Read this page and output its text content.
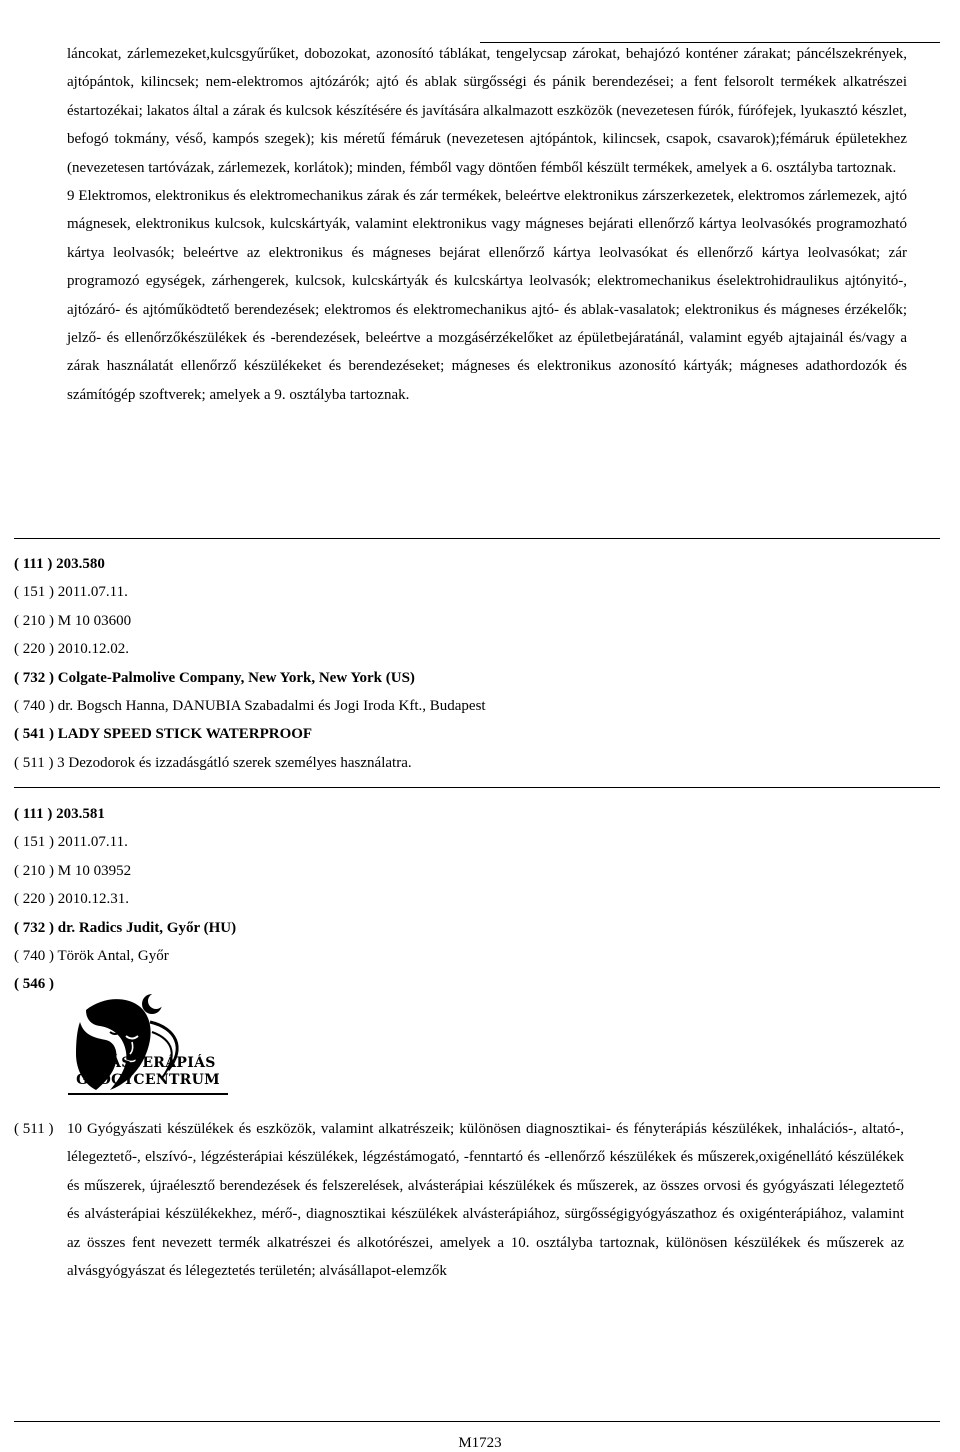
Szabadalmi Közlöny és Védjegyértesítő 116. évfolyam 16. szám, 2011.08.29.
Nemzeti lajstromozott védjegyek

láncokat, zárlemezeket,kulcsgyűrűket, dobozokat, azonosító táblákat, tengelycsap zárokat, behajózó konténer zárakat; páncélszekrények, ajtópántok, kilincsek; nem-elektromos ajtózárók; ajtó és ablak sürgősségi és pánik berendezései; a fent felsorolt termékek alkatrészei éstartozékai; lakatos által a zárak és kulcsok készítésére és javítására alkalmazott eszközök (nevezetesen fúrók, fúrófejek, lyukasztó készlet, befogó tokmány, véső, kampós szegek); kis méretű fémáruk (nevezetesen ajtópántok, kilincsek, csapok, csavarok);fémáruk épületekhez (nevezetesen tartóvázak, zárlemezek, korlátok); minden, fémből vagy döntően fémből készült termékek, amelyek a 6. osztályba tartoznak.

9 Elektromos, elektronikus és elektromechanikus zárak és zár termékek, beleértve elektronikus zárszerkezetek, elektromos zárlemezek, ajtó mágnesek, elektronikus kulcsok, kulcskártyák, valamint elektronikus vagy mágneses bejárati ellenőrző kártya leolvasókés programozható kártya leolvasók; beleértve az elektronikus és mágneses bejárat ellenőrző kártya leolvasókat és ellenőrző kártya leolvasókat; zár programozó egységek, zárhengerek, kulcsok, kulcskártyák és kulcskártya leolvasók; elektromechanikus éselektrohidraulikus ajtónyitó-, ajtózáró- és ajtóműködtető berendezések; elektromos és elektromechanikus ajtó- és ablak-vasalatok; elektronikus és mágneses érzékelők; jelző- és ellenőrzőkészülékek és -berendezések, beleértve a mozgásérzékelőket az épületbejáratánál, valamint egyéb ajtajainál és/vagy a zárak használatát ellenőrző készülékeket és berendezéseket; mágneses és elektronikus azonosító kártyák; mágneses adathordozók és számítógép szoftverek; amelyek a 9. osztályba tartoznak.

( 111 ) 203.580
( 151 ) 2011.07.11.
( 210 ) M 10 03600
( 220 ) 2010.12.02.
( 732 ) Colgate-Palmolive Company, New York, New York (US)
( 740 ) dr. Bogsch Hanna, DANUBIA Szabadalmi és Jogi Iroda Kft., Budapest
( 541 ) LADY SPEED STICK WATERPROOF
( 511 ) 3 Dezodorok és izzadásgátló szerek személyes használatra.
( 111 ) 203.581
( 151 ) 2011.07.11.
( 210 ) M 10 03952
( 220 ) 2010.12.31.
( 732 ) dr. Radics Judit, Győr (HU)
( 740 ) Török Antal, Győr
( 546 )
ALVÁSTERÁPIÁS
GYÓGYCENTRUM
( 511 ) 10 Gyógyászati készülékek és eszközök, valamint alkatrészeik; különösen diagnosztikai- és fényterápiás készülékek, inhalációs-, altató-, lélegeztető-, elszívó-, légzésterápiai készülékek, légzéstámogató, -fenntartó és -ellenőrző készülékek és műszerek,oxigénellátó készülékek és műszerek, újraélesztő berendezések és felszerelések, alvásterápiai készülékek és műszerek, az összes orvosi és gyógyászati lélegeztető és alvásterápiai készülékekhez, mérő-, diagnosztikai készülékek alvásterápiához, sürgősségigyógyászathoz és oxigénterápiához, valamint az összes fent nevezett termék alkatrészei és alkotórészei, amelyek a 10. osztályba tartoznak, különösen készülékek és műszerek az alvásgyógyászat és lélegeztetés területén; alvásállapot-elemzők
M1723
